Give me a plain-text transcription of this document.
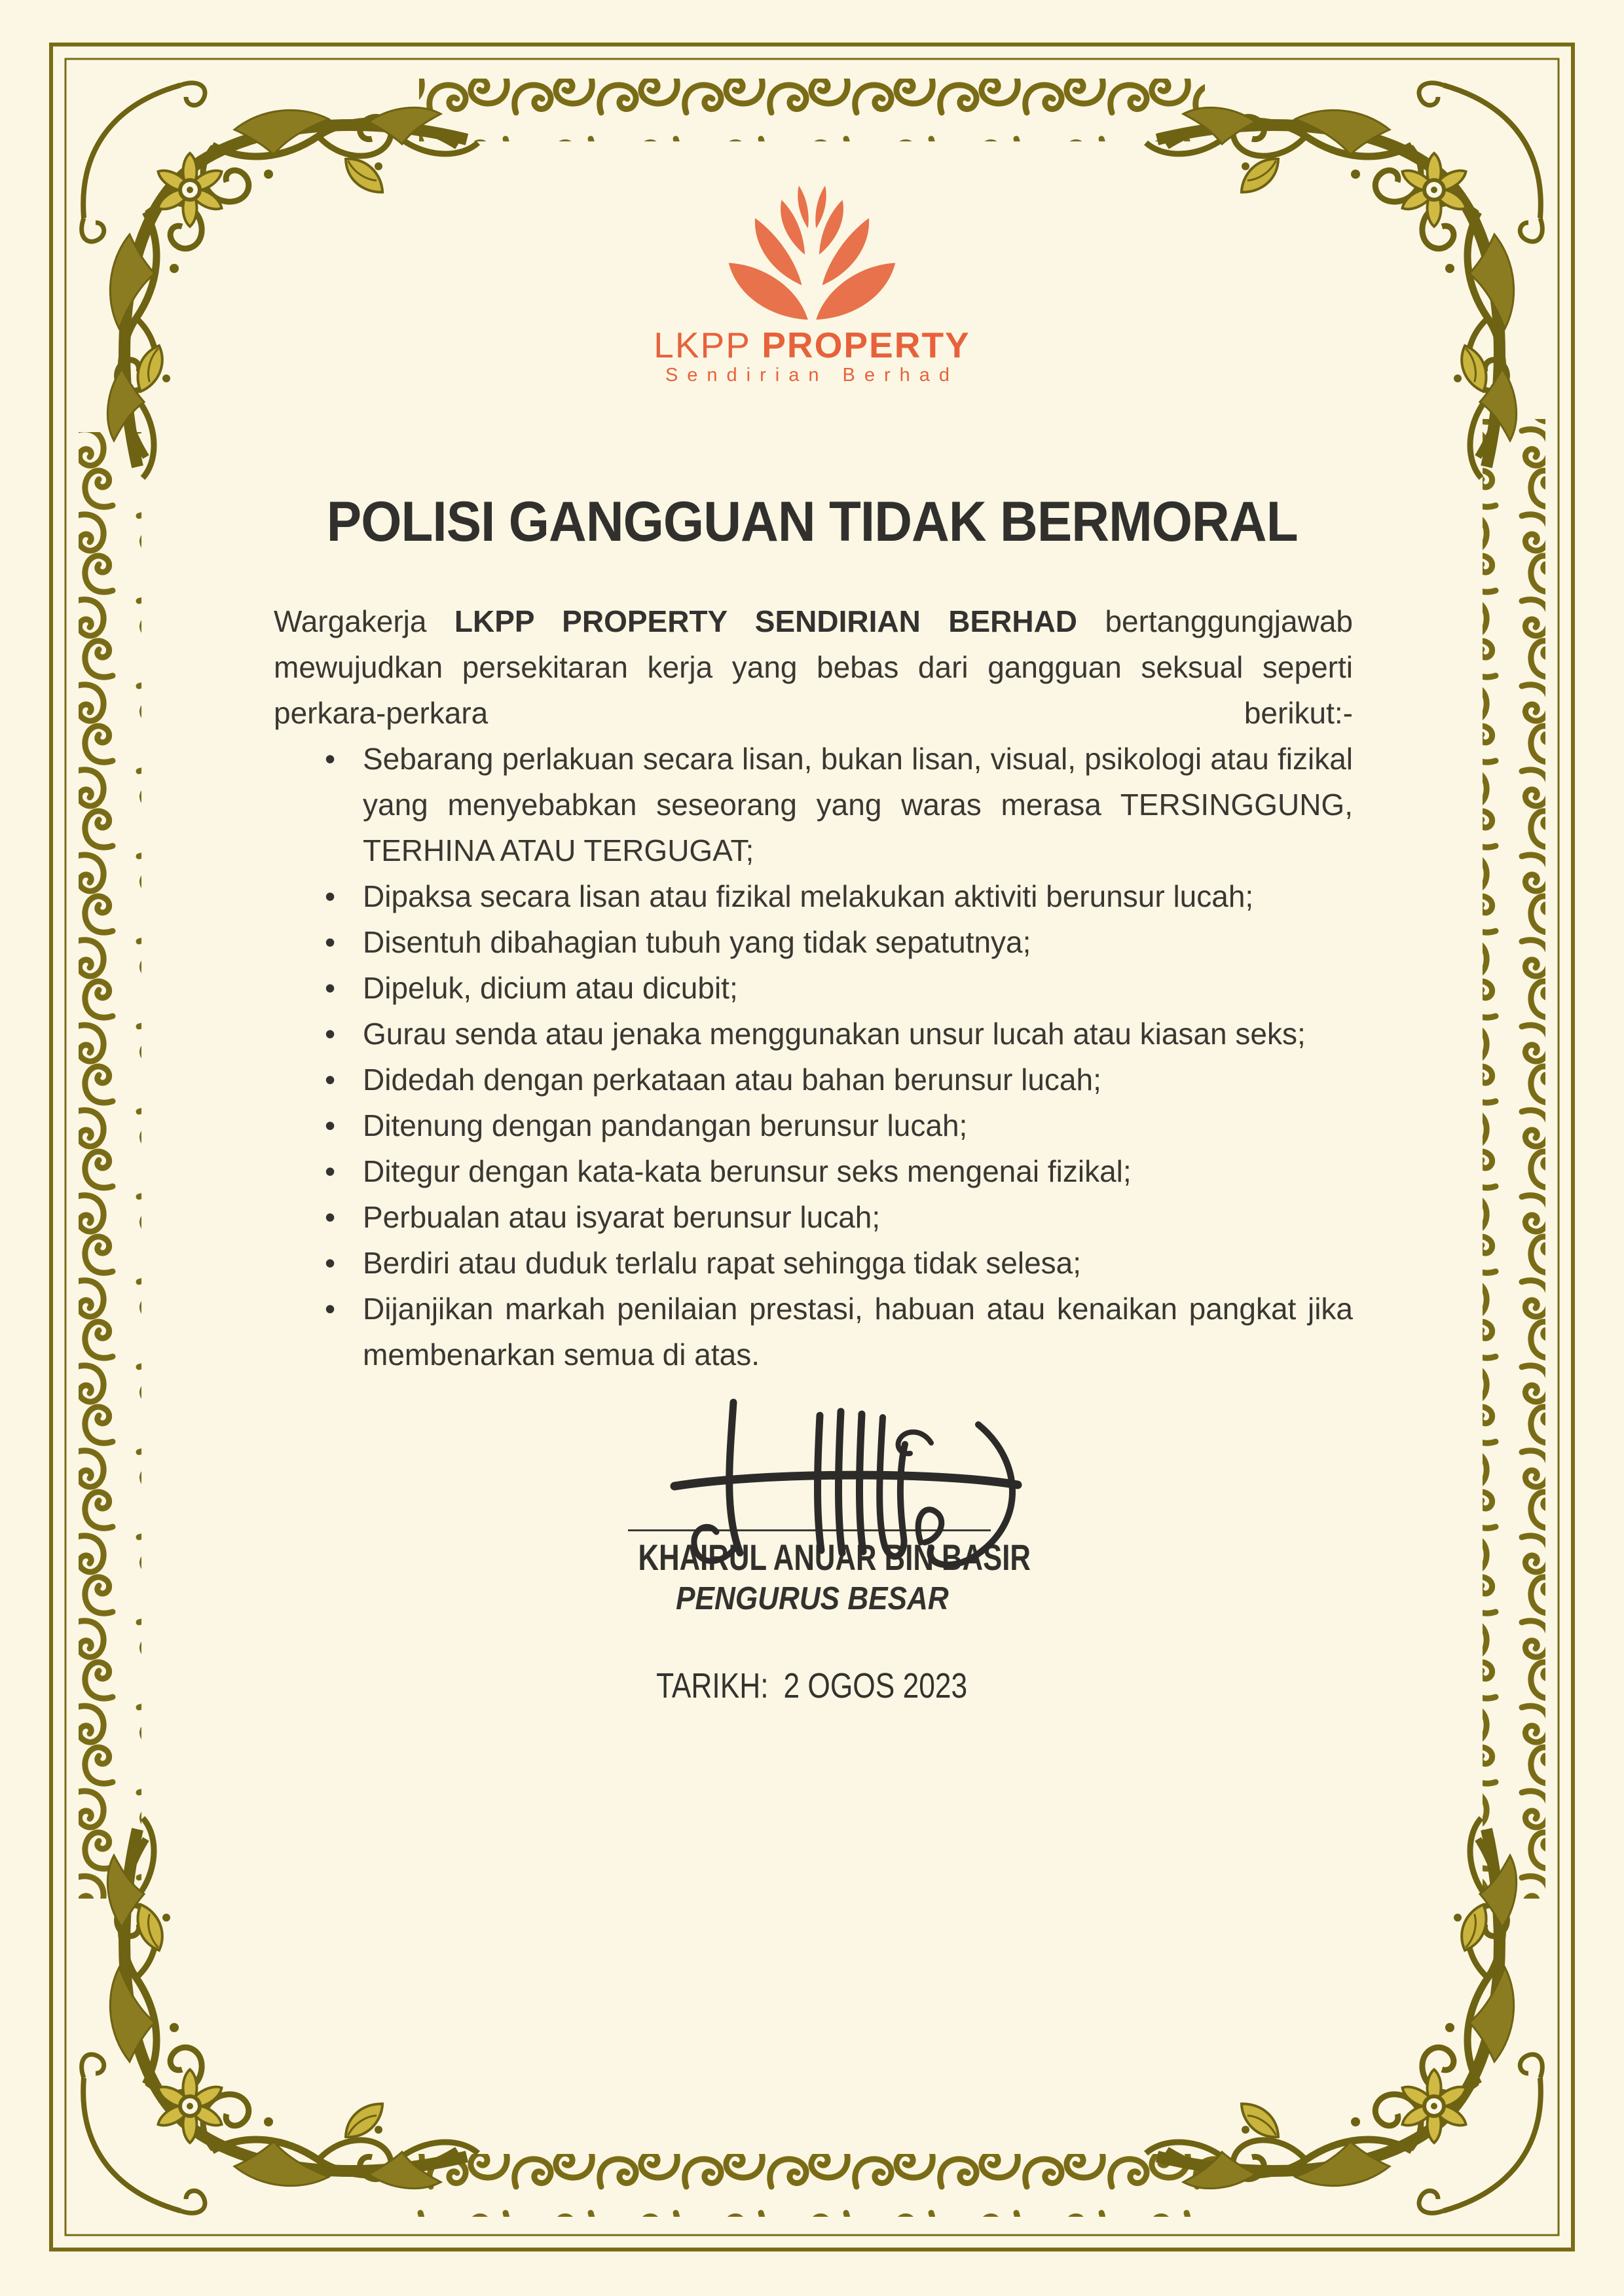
LKPP PROPERTY
Sendirian Berhad
POLISI GANGGUAN TIDAK BERMORAL

Wargakerja LKPP PROPERTY SENDIRIAN BERHAD bertanggungjawab mewujudkan persekitaran kerja yang bebas dari gangguan seksual seperti perkara-perkara berikut:-

• Sebarang perlakuan secara lisan, bukan lisan, visual, psikologi atau fizikal yang menyebabkan seseorang yang waras merasa TERSINGGUNG, TERHINA ATAU TERGUGAT;
• Dipaksa secara lisan atau fizikal melakukan aktiviti berunsur lucah;
• Disentuh dibahagian tubuh yang tidak sepatutnya;
• Dipeluk, dicium atau dicubit;
• Gurau senda atau jenaka menggunakan unsur lucah atau kiasan seks;
• Didedah dengan perkataan atau bahan berunsur lucah;
• Ditenung dengan pandangan berunsur lucah;
• Ditegur dengan kata-kata berunsur seks mengenai fizikal;
• Perbualan atau isyarat berunsur lucah;
• Berdiri atau duduk terlalu rapat sehingga tidak selesa;
• Dijanjikan markah penilaian prestasi, habuan atau kenaikan pangkat jika membenarkan semua di atas.
KHAIRUL ANUAR BIN BASIR
PENGURUS BESAR
TARIKH: 2 OGOS 2023
